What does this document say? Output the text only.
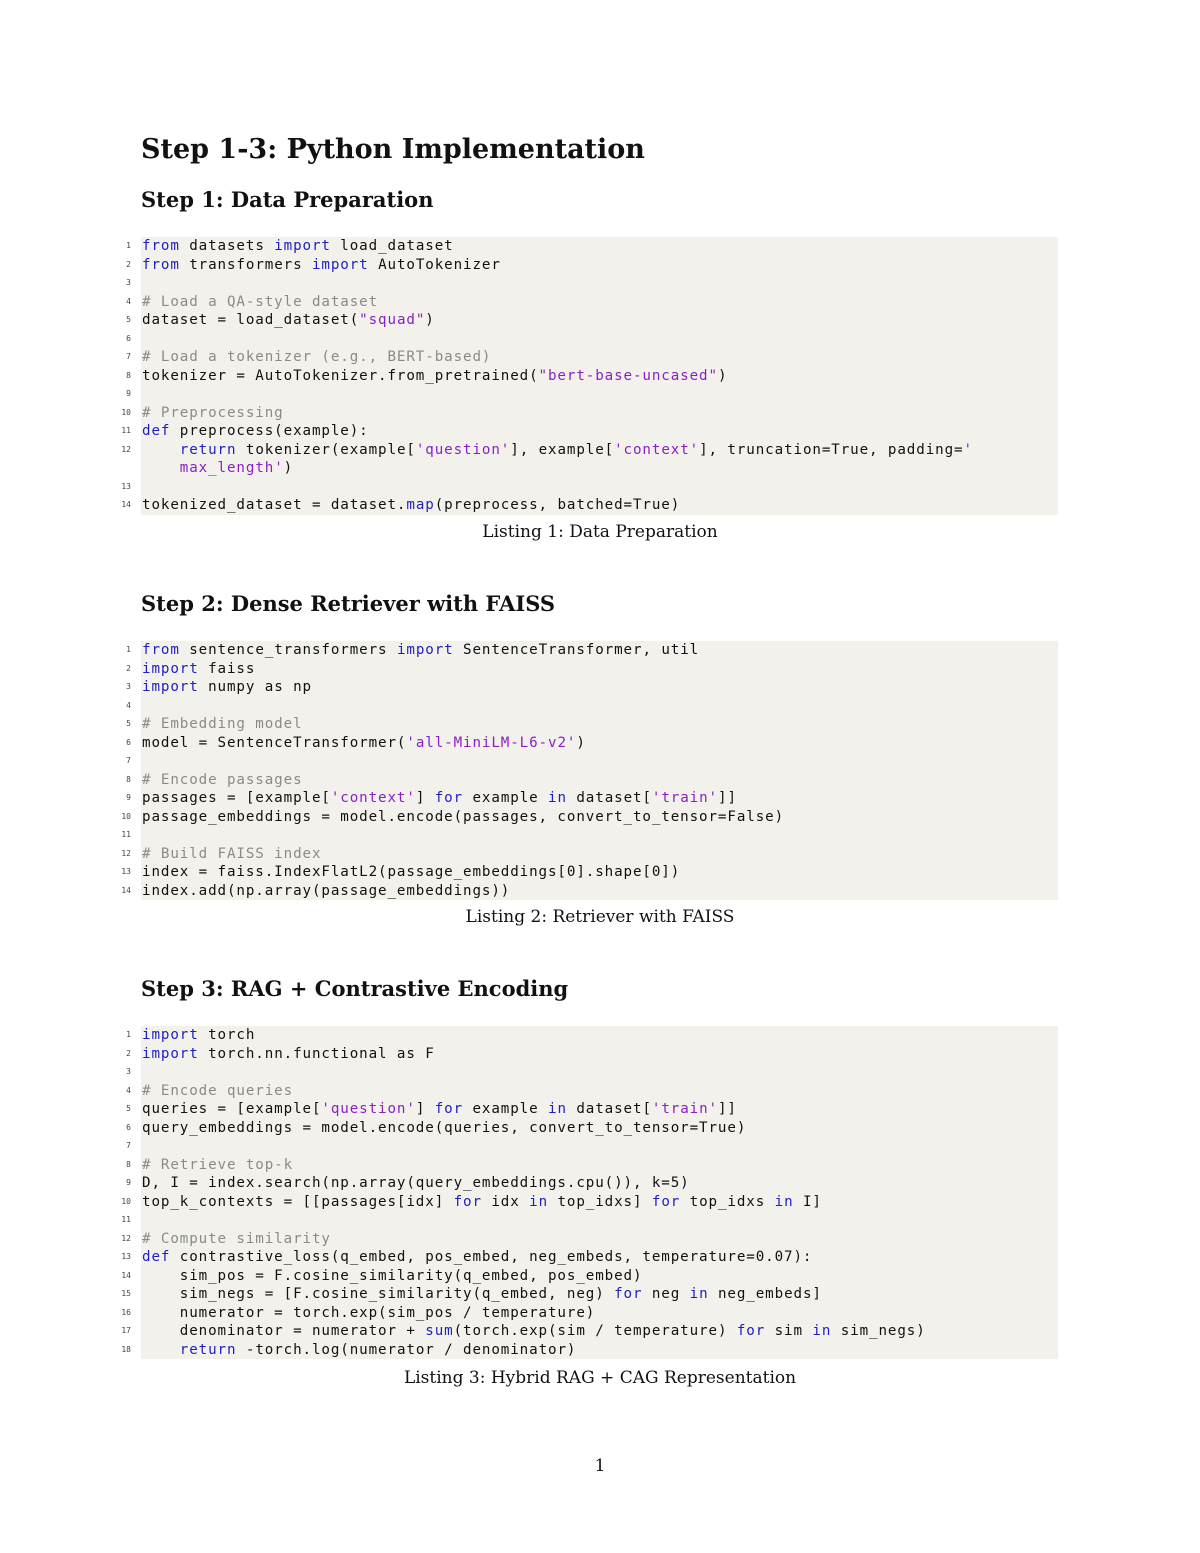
Step 1-3: Python Implementation
Step 1: Data Preparation
1 from datasets import load_dataset
2 from transformers import AutoTokenizer
3
4 # Load a QA-style dataset
5 dataset = load_dataset("squad")
6
7 # Load a tokenizer (e.g., BERT-based)
8 tokenizer = AutoTokenizer.from_pretrained("bert-base-uncased")
9
10 # Preprocessing
11 def preprocess(example):
12	return tokenizer(example['question'], example['context'], truncation=True, padding='
max_length')
13
14 tokenized_dataset = dataset.map(preprocess, batched=True)
Listing 1: Data Preparation
Step 2: Dense Retriever with FAISS
1 from sentence_transformers import SentenceTransformer, util
2 import faiss
3 import numpy as np
4
5 # Embedding model
6 model = SentenceTransformer('all-MiniLM-L6-v2')
7
8 # Encode passages
9 passages = [example['context'] for example in dataset['train']]
10 passage_embeddings = model.encode(passages, convert_to_tensor=False)
11
12 # Build FAISS index
13 index = faiss.IndexFlatL2(passage_embeddings[0].shape[0])
14 index.add(np.array(passage_embeddings))
Listing 2: Retriever with FAISS
Step 3: RAG + Contrastive Encoding
1 import torch
2 import torch.nn.functional as F
3
4 # Encode queries
5 queries = [example['question'] for example in dataset['train']]
6 query_embeddings = model.encode(queries, convert_to_tensor=True)
7
8 # Retrieve top-k
9 D, I = index.search(np.array(query_embeddings.cpu()), k=5)
10 top_k_contexts = [[passages[idx] for idx in top_idxs] for top_idxs in I]
11
12 # Compute similarity
13 def contrastive_loss(q_embed, pos_embed, neg_embeds, temperature=0.07):
14 sim_pos = F.cosine_similarity(q_embed, pos_embed)
15 sim_negs = [F.cosine_similarity(q_embed, neg) for neg in neg_embeds]
16 numerator = torch.exp(sim_pos / temperature)
17 denominator = numerator + sum(torch.exp(sim / temperature) for sim in sim_negs)
18	return -torch.log(numerator / denominator)
Listing 3: Hybrid RAG + CAG Representation
1
